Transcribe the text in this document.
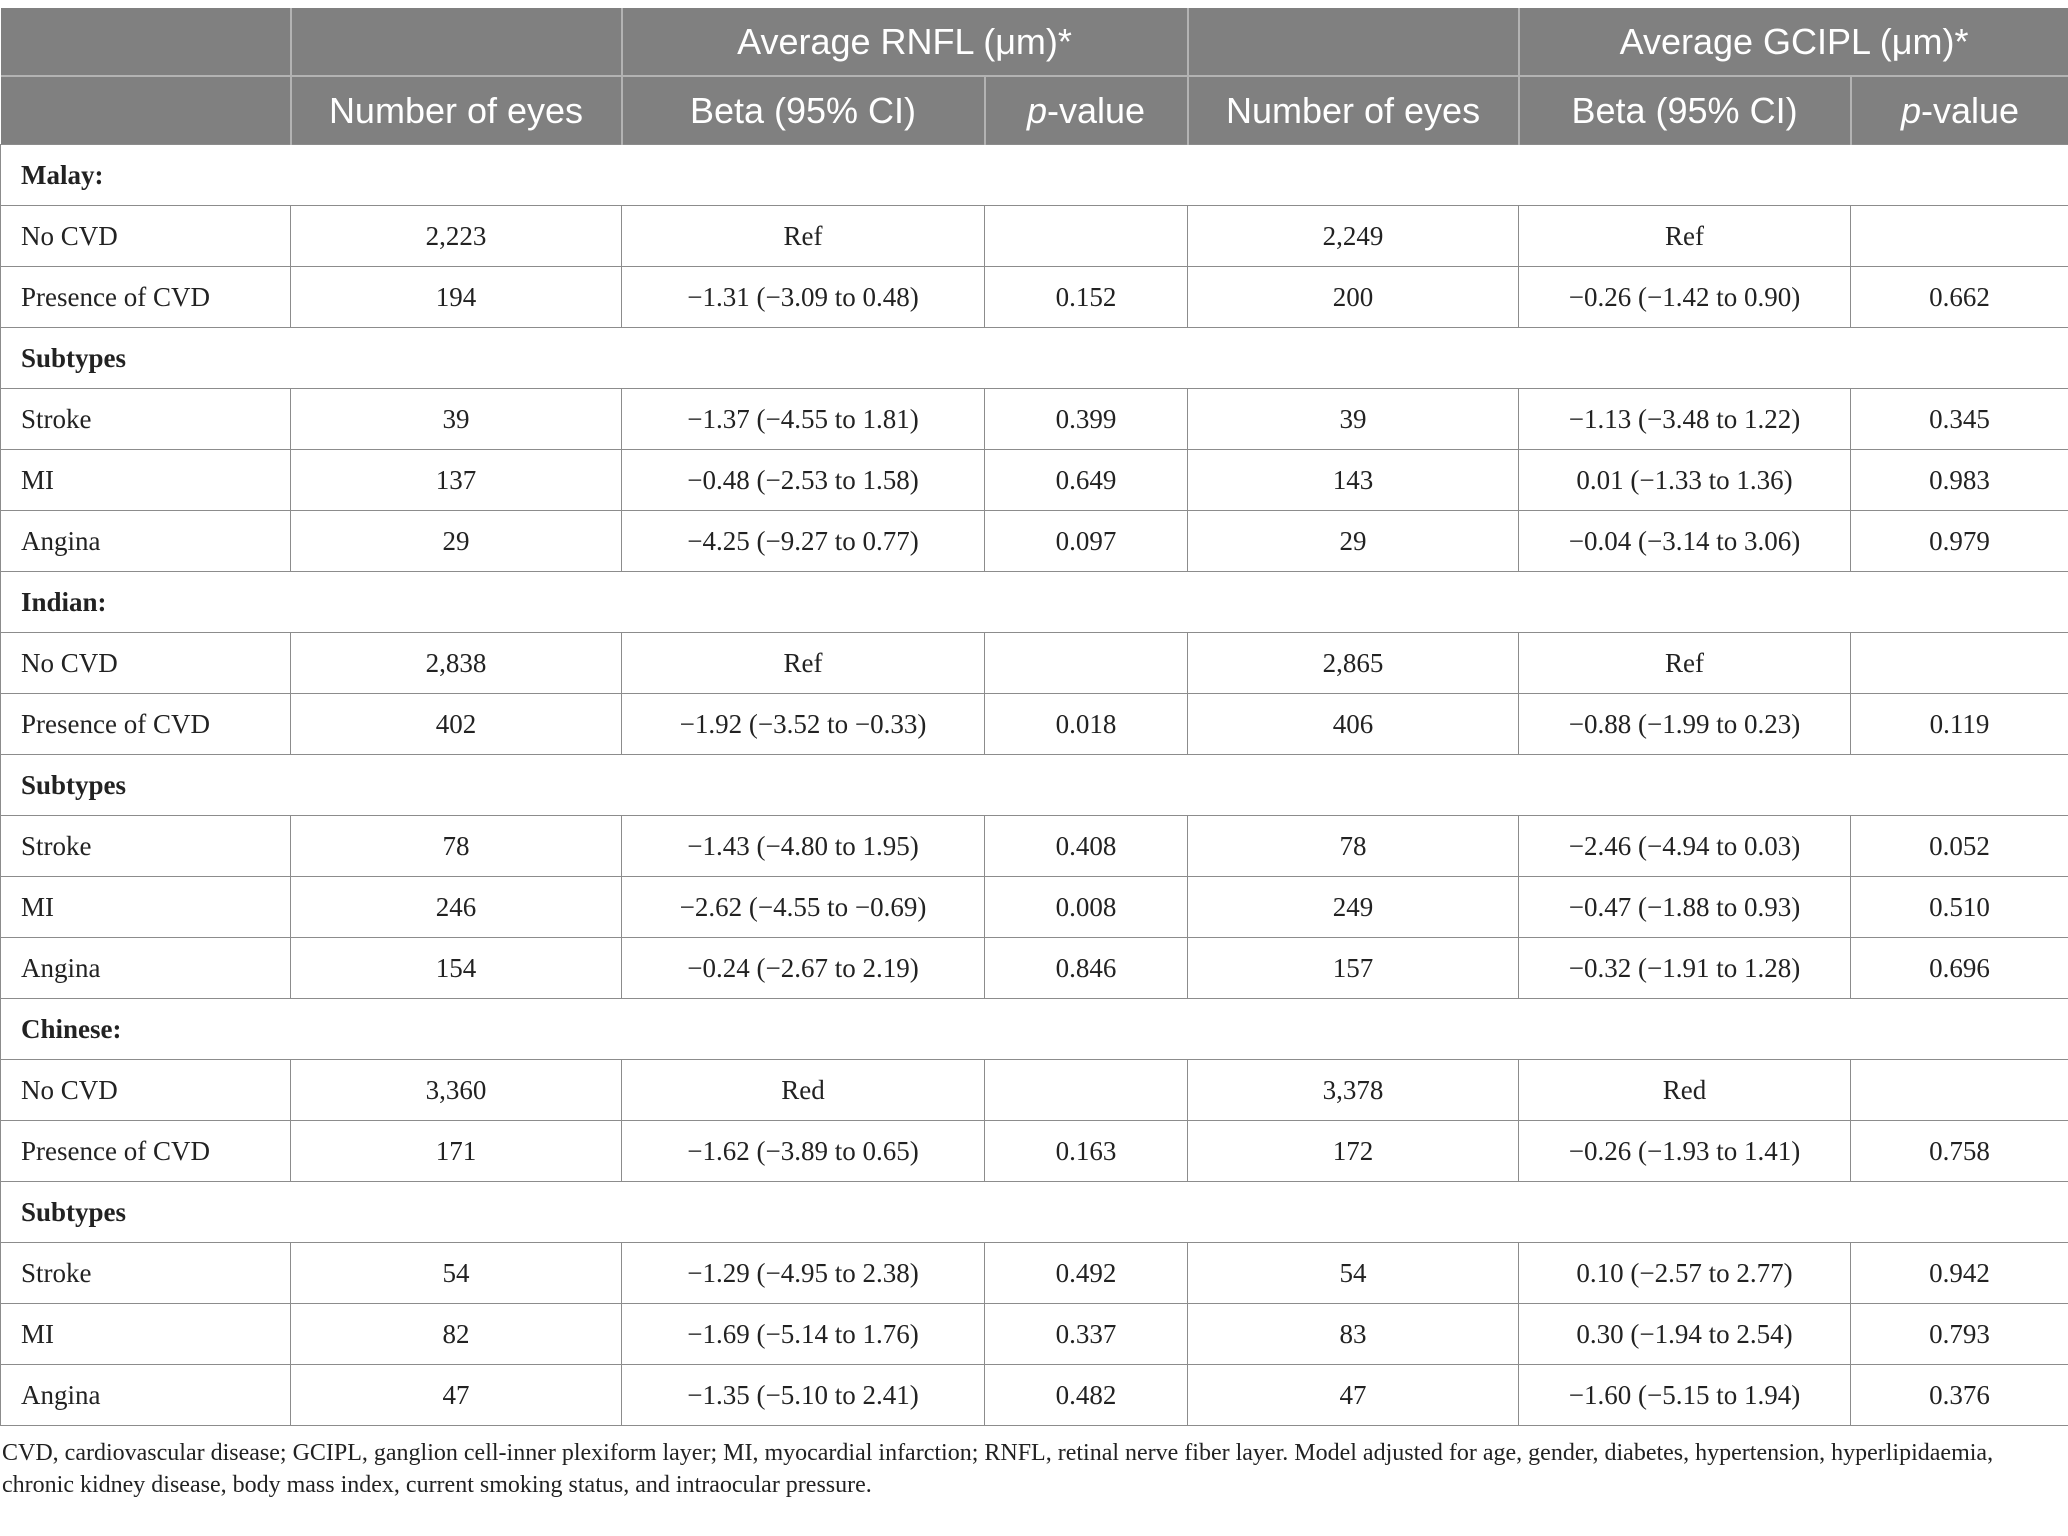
		Average RNFL (μm)*			Average GCIPL (μm)*	
	Number of eyes	Beta (95% CI)	p-value	Number of eyes	Beta (95% CI)	p-value
Malay:						
No CVD	2,223	Ref		2,249	Ref	
Presence of CVD	194	−1.31 (−3.09 to 0.48)	0.152	200	−0.26 (−1.42 to 0.90)	0.662
Subtypes						
Stroke	39	−1.37 (−4.55 to 1.81)	0.399	39	−1.13 (−3.48 to 1.22)	0.345
MI	137	−0.48 (−2.53 to 1.58)	0.649	143	0.01 (−1.33 to 1.36)	0.983
Angina	29	−4.25 (−9.27 to 0.77)	0.097	29	−0.04 (−3.14 to 3.06)	0.979
Indian:						
No CVD	2,838	Ref		2,865	Ref	
Presence of CVD	402	−1.92 (−3.52 to −0.33)	0.018	406	−0.88 (−1.99 to 0.23)	0.119
Subtypes						
Stroke	78	−1.43 (−4.80 to 1.95)	0.408	78	−2.46 (−4.94 to 0.03)	0.052
MI	246	−2.62 (−4.55 to −0.69)	0.008	249	−0.47 (−1.88 to 0.93)	0.510
Angina	154	−0.24 (−2.67 to 2.19)	0.846	157	−0.32 (−1.91 to 1.28)	0.696
Chinese:						
No CVD	3,360	Red		3,378	Red	
Presence of CVD	171	−1.62 (−3.89 to 0.65)	0.163	172	−0.26 (−1.93 to 1.41)	0.758
Subtypes						
Stroke	54	−1.29 (−4.95 to 2.38)	0.492	54	0.10 (−2.57 to 2.77)	0.942
MI	82	−1.69 (−5.14 to 1.76)	0.337	83	0.30 (−1.94 to 2.54)	0.793
Angina	47	−1.35 (−5.10 to 2.41)	0.482	47	−1.60 (−5.15 to 1.94)	0.376

CVD, cardiovascular disease; GCIPL, ganglion cell-inner plexiform layer; MI, myocardial infarction; RNFL, retinal nerve fiber layer. Model adjusted for age, gender, diabetes, hypertension, hyperlipidaemia, chronic kidney disease, body mass index, current smoking status, and intraocular pressure.
